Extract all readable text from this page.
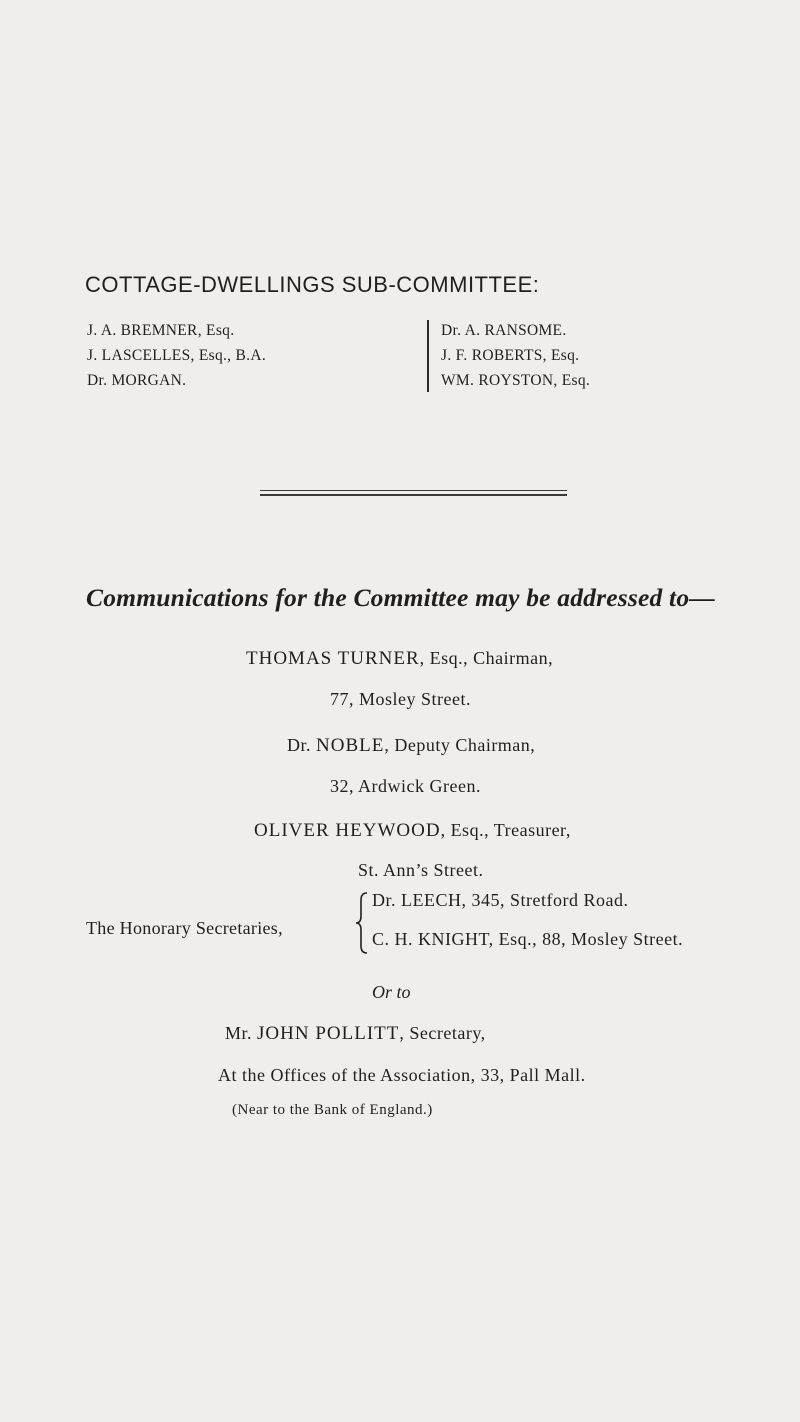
COTTAGE-DWELLINGS SUB-COMMITTEE:
J. A. BREMNER, Esq.
J. LASCELLES, Esq., B.A.
Dr. MORGAN.
Dr. A. RANSOME.
J. F. ROBERTS, Esq.
WM. ROYSTON, Esq.
Communications for the Committee may be addressed to—
THOMAS TURNER, Esq., Chairman,
77, Mosley Street.
Dr. NOBLE, Deputy Chairman,
32, Ardwick Green.
OLIVER HEYWOOD, Esq., Treasurer,
St. Ann’s Street.
The Honorary Secretaries,
Dr. LEECH, 345, Stretford Road.
C. H. KNIGHT, Esq., 88, Mosley Street.
Or to
Mr. JOHN POLLITT, Secretary,
At the Offices of the Association, 33, Pall Mall.
(Near to the Bank of England.)
